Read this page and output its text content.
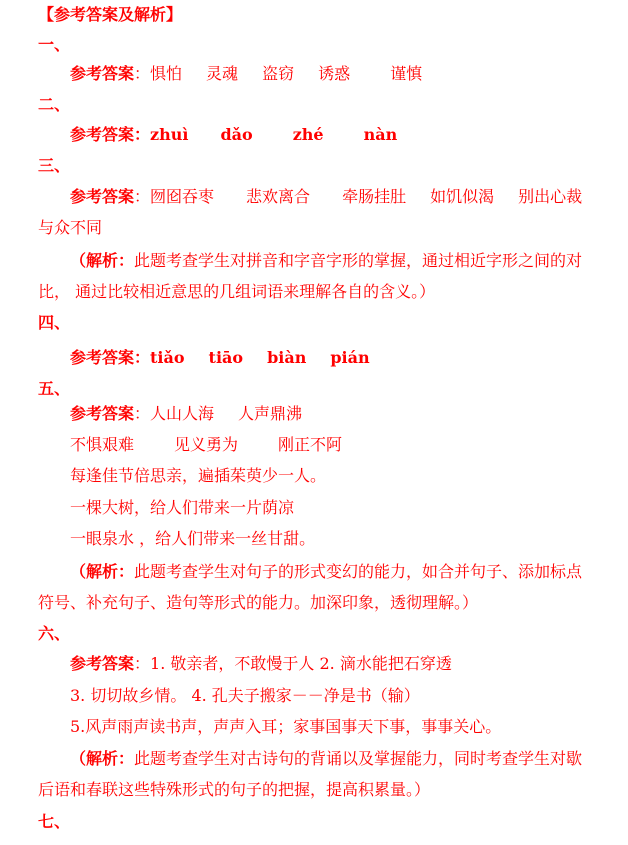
【参考答案及解析】
一、
参考答案：惧怕 灵魂 盗窃 诱惑	谨慎
二、
参考答案：zhuì dǎo	zhé	nàn
三、
参考答案：囫囵吞枣 悲欢离合 牵肠挂肚 如饥似渴 别出心裁
与众不同
（解析：此题考查学生对拼音和字音字形的掌握，通过相近字形之间的对
比， 通过比较相近意思的几组词语来理解各自的含义。）
四、
参考答案：tiǎo tiāo biàn pián
五、
参考答案：人山人海 人声鼎沸
不惧艰难	见义勇为	刚正不阿
每逢佳节倍思亲，遍插茱萸少一人。
一棵大树，给人们带来一片荫凉
一眼泉水 ，给人们带来一丝甘甜。
（解析：此题考查学生对句子的形式变幻的能力，如合并句子、添加标点
符号、补充句子、造句等形式的能力。加深印象，透彻理解。）
六、
参考答案：1. 敬亲者，不敢慢于人 2. 滴水能把石穿透
3. 切切故乡情。 4. 孔夫子搬家－－净是书（输）
5.风声雨声读书声，声声入耳；家事国事天下事，事事关心。
（解析：此题考查学生对古诗句的背诵以及掌握能力，同时考查学生对歇
后语和春联这些特殊形式的句子的把握，提高积累量。）
七、
